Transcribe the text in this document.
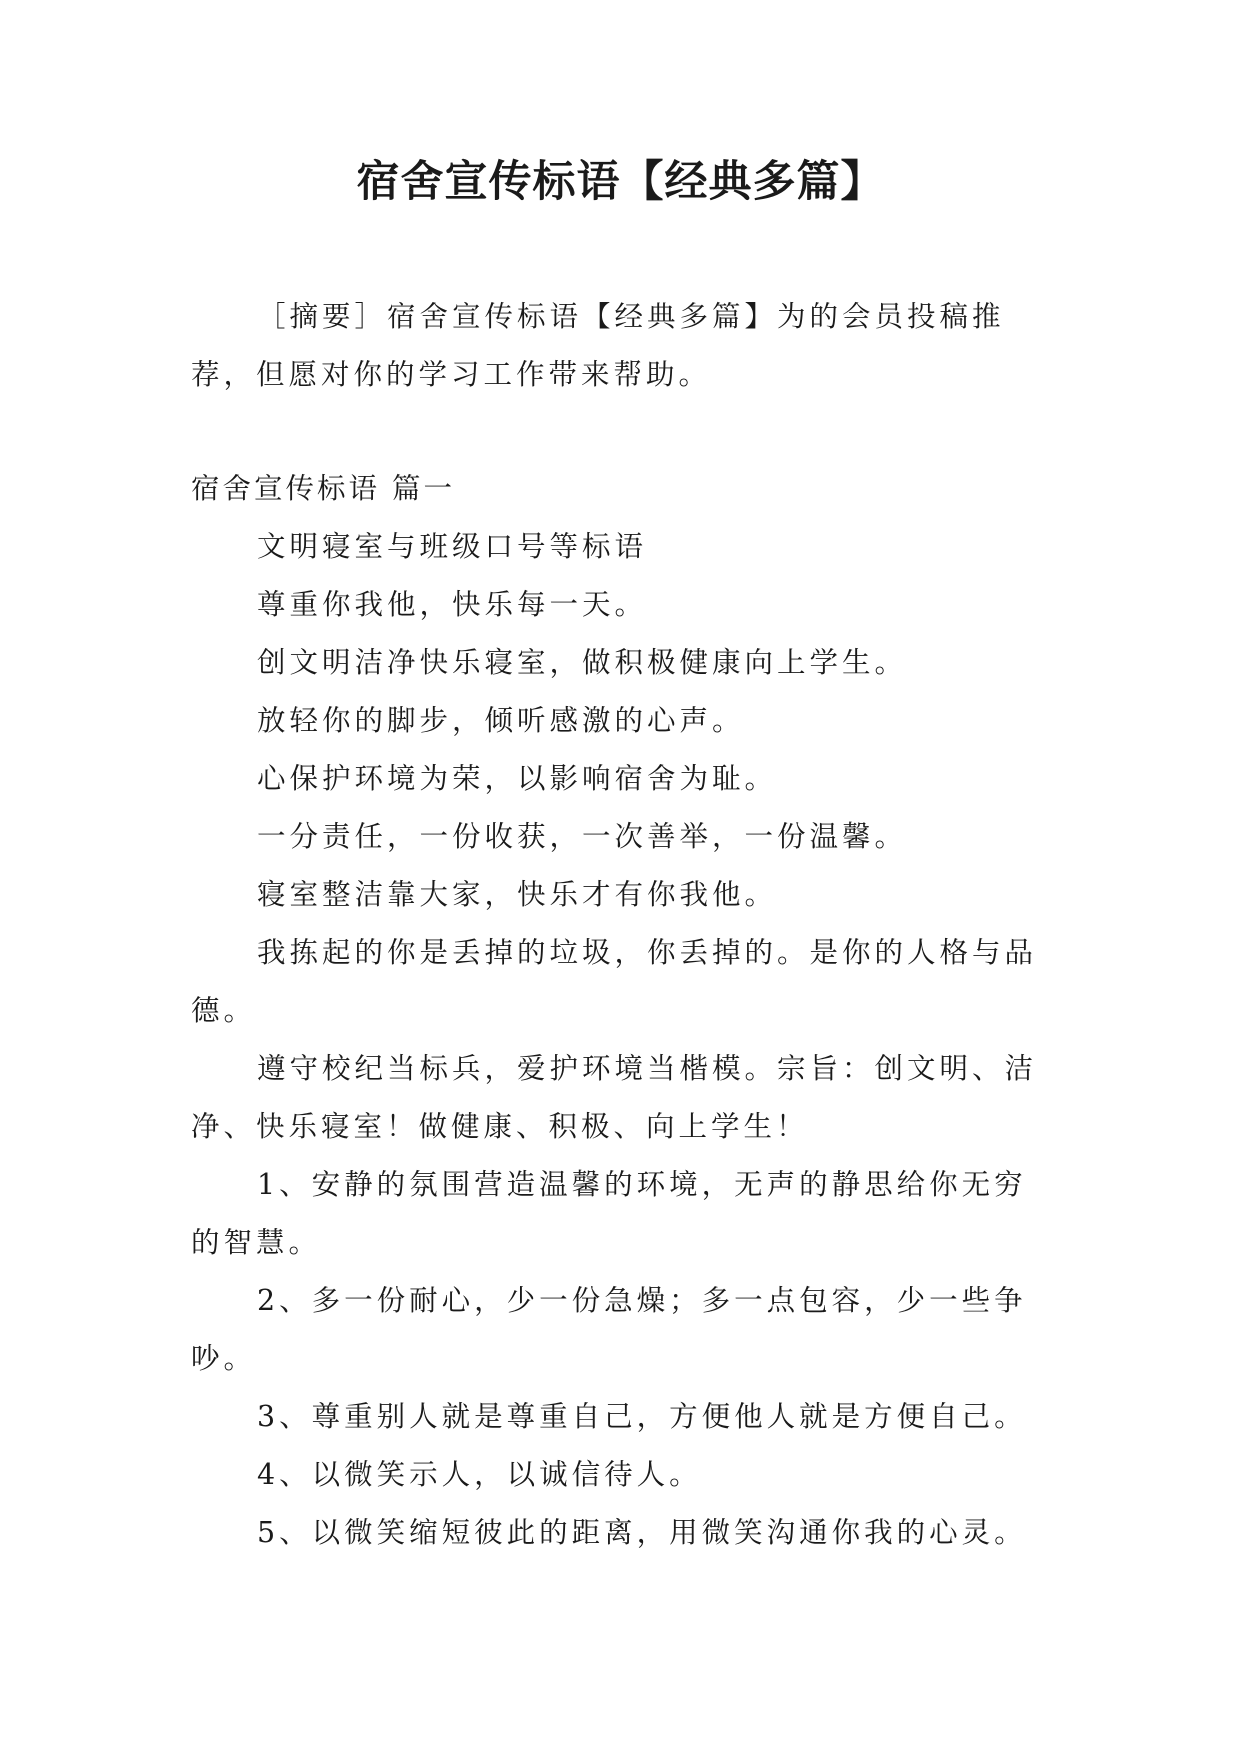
宿舍宣传标语【经典多篇】

［摘要］宿舍宣传标语【经典多篇】为的会员投稿推荐，但愿对你的学习工作带来帮助。

宿舍宣传标语 篇一

文明寝室与班级口号等标语

尊重你我他，快乐每一天。

创文明洁净快乐寝室，做积极健康向上学生。

放轻你的脚步，倾听感激的心声。

心保护环境为荣，以影响宿舍为耻。

一分责任，一份收获，一次善举，一份温馨。

寝室整洁靠大家，快乐才有你我他。

我拣起的你是丢掉的垃圾，你丢掉的。是你的人格与品德。

遵守校纪当标兵，爱护环境当楷模。宗旨：创文明、洁净、快乐寝室！做健康、积极、向上学生！

1、安静的氛围营造温馨的环境，无声的静思给你无穷的智慧。

2、多一份耐心，少一份急燥；多一点包容，少一些争吵。

3、尊重别人就是尊重自己，方便他人就是方便自己。

4、以微笑示人，以诚信待人。

5、以微笑缩短彼此的距离，用微笑沟通你我的心灵。
